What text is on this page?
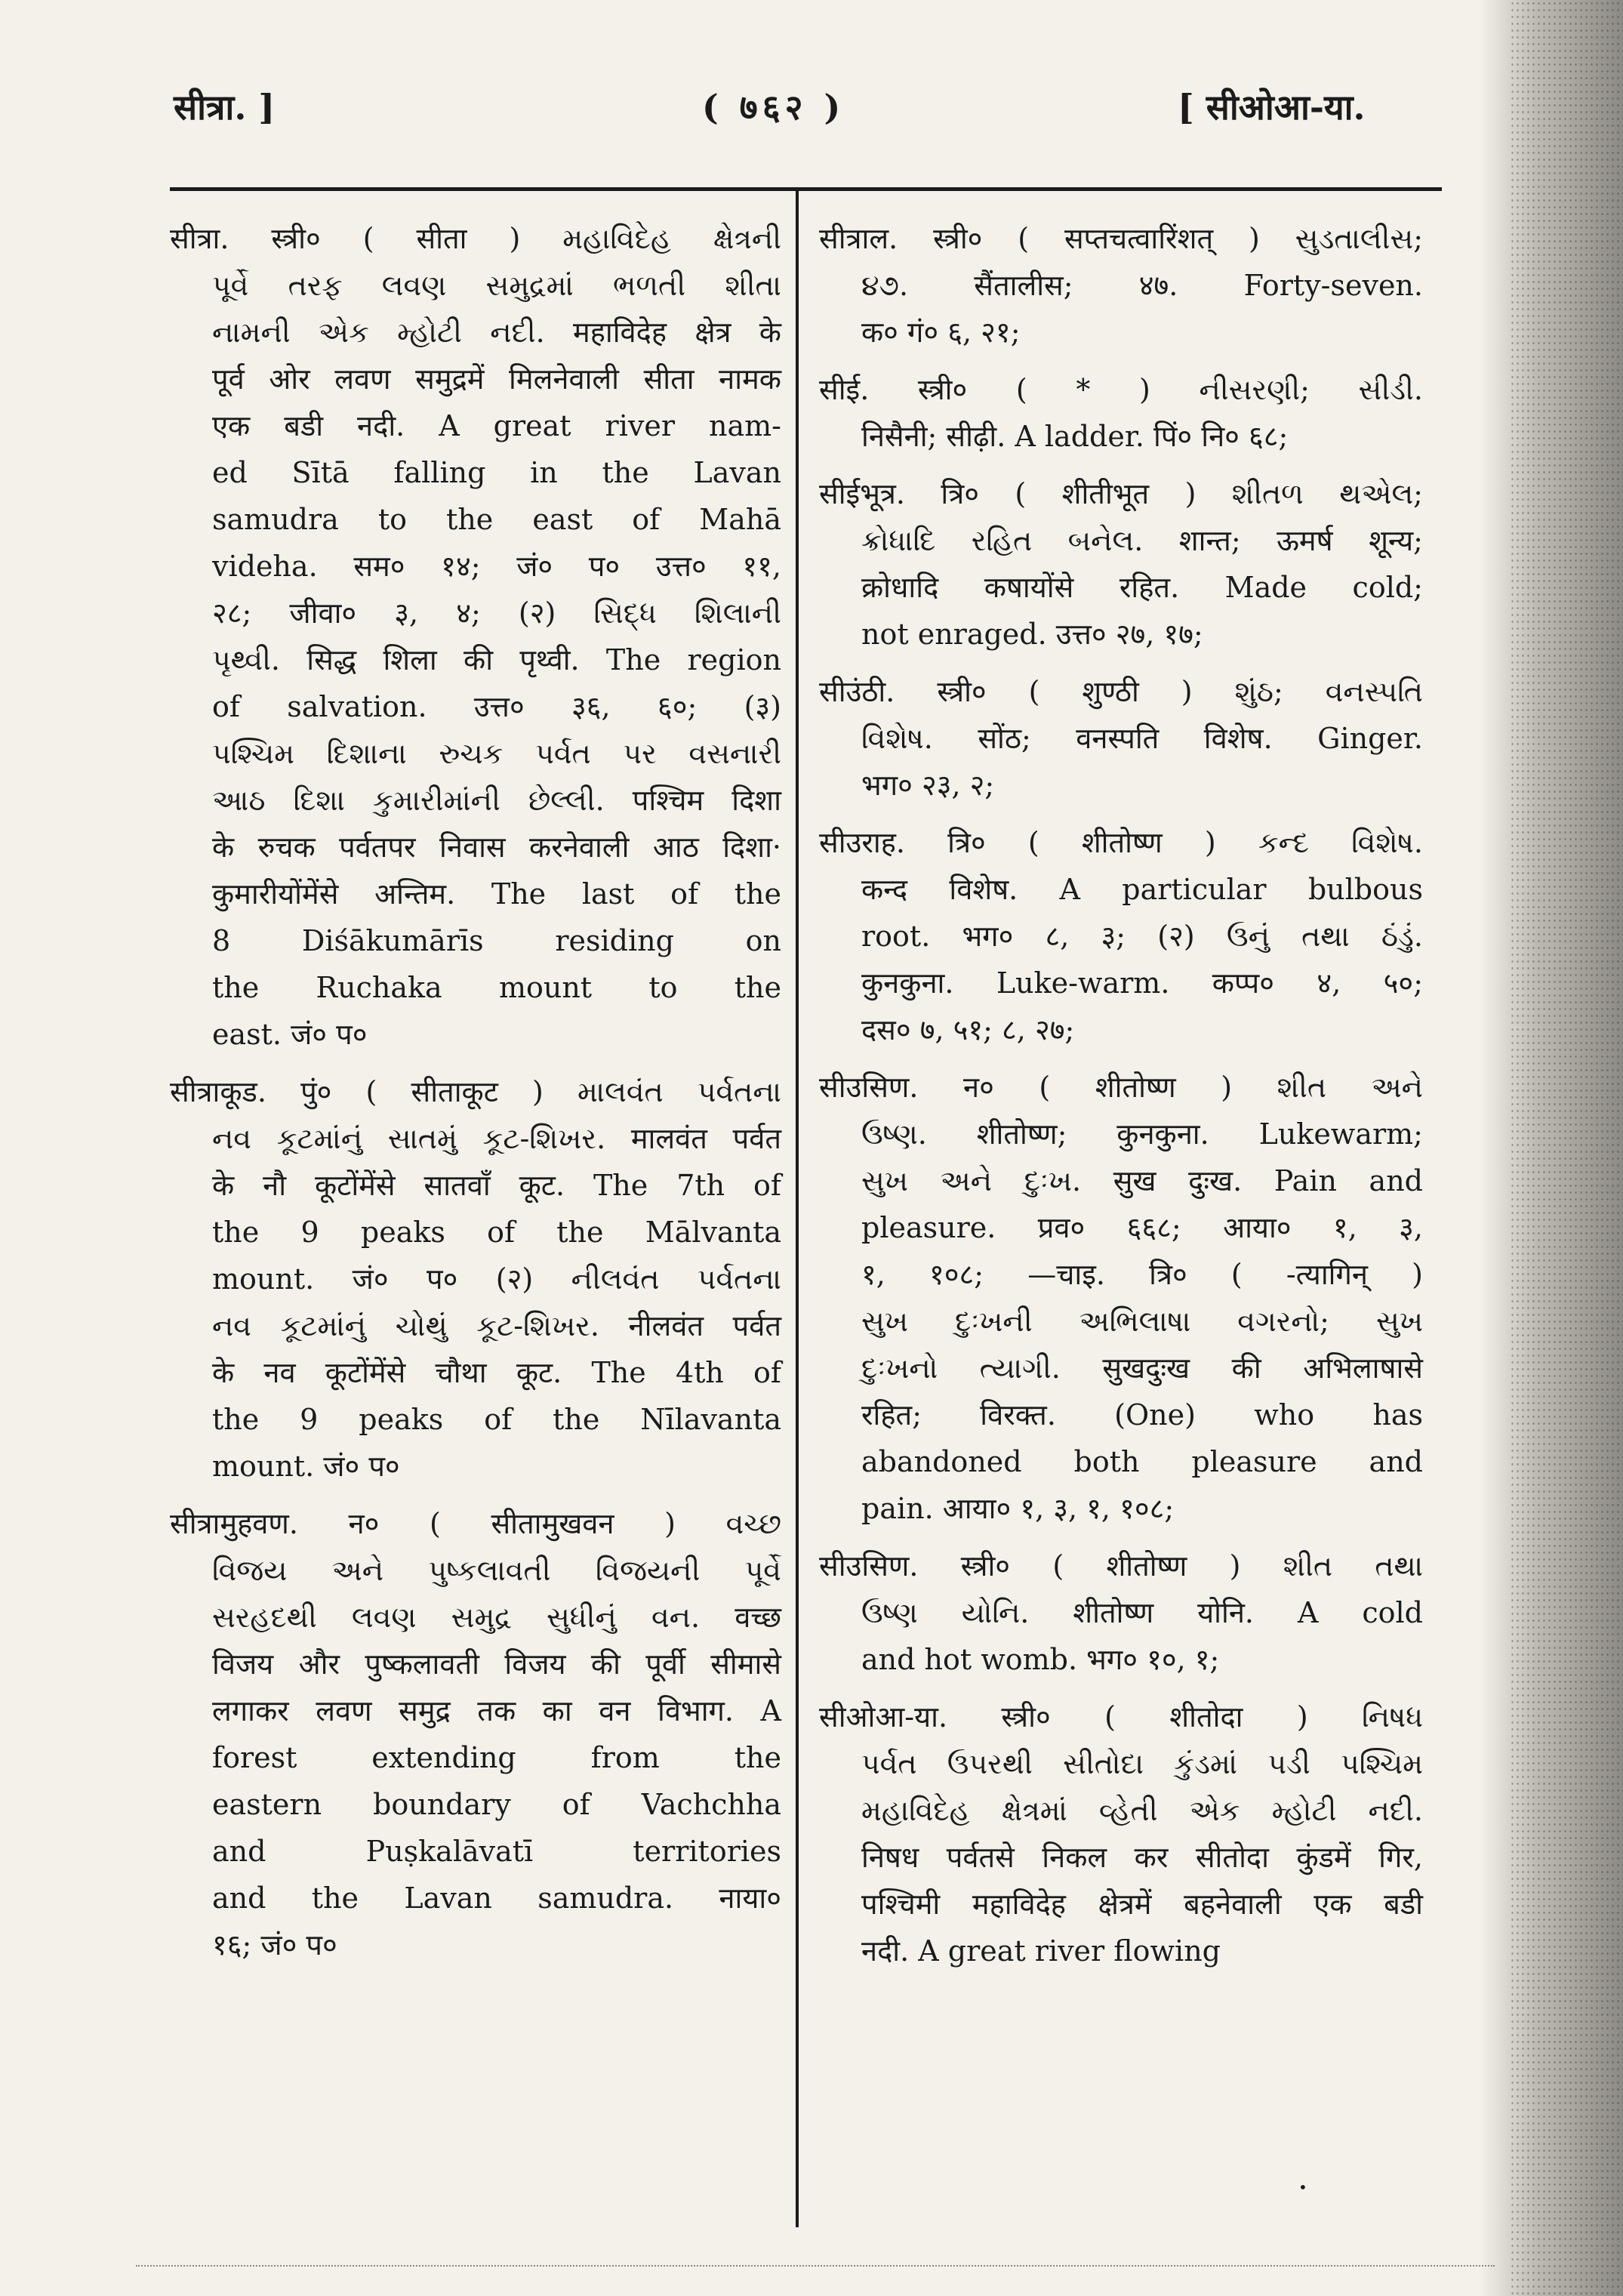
सीत्रा. ]	( ७६२ )	[ सीओआ-या.
सीत्रा. स्त्री० ( सीता ) મહાવિદેહ ક્ષેત્રની
પૂર્વે તરફ લવણ સમુદ્રમાં ભળતી શીતા
નામની એક મ્હોટી નદી. महाविदेह क्षेत्र के
पूर्व ओर लवण समुद्रमें मिलनेवाली सीता नामक
एक बडी नदी. A great river nam-
ed Sītā falling in the Lavan
samudra to the east of Mahā
videha. सम० १४; जं० प० उत्त० ११,
२८; जीवा० ३, ४; (२) સિદ્ધ શિલાની
પૃથ્વી. सिद्ध शिला की पृथ्वी. The region
of salvation. उत्त० ३६, ६०; (३)
પશ્ચિમ દિશાના રુચક પર્વત પર વસનારી
આઠ દિશા કુમારીમાંની છેલ્લી. पश्चिम दिशा
के रुचक पर्वतपर निवास करनेवाली आठ दिशा·
कुमारीयोंमेंसे अन्तिम. The last of the
8 Diśākumārīs residing on
the Ruchaka mount to the
east. जं० प०
सीत्राकूड. पुं० ( सीताकूट ) માલવંત પર્વતના
નવ કૂટમાંનું સાતમું કૂટ-શિખર. मालवंत पर्वत
के नौ कूटोंमेंसे सातवाँ कूट. The 7th of
the 9 peaks of the Mālvanta
mount. जं० प० (२) નીલવંત પર્વતના
નવ કૂટમાંનું ચોથું કૂટ-શિખર. नीलवंत पर्वत
के नव कूटोंमेंसे चौथा कूट. The 4th of
the 9 peaks of the Nīlavanta
mount. जं० प०
सीत्रामुहवण. न० ( सीतामुखवन ) વચ્છ
વિજય અને પુષ્કલાવતી વિજયની પૂર્વે
સરહદથી લવણ સમુદ્ર સુધીનું વન. वच्छ
विजय और पुष्कलावती विजय की पूर्वी सीमासे
लगाकर लवण समुद्र तक का वन विभाग. A
forest extending from the
eastern boundary of Vachchha
and Puṣkalāvatī territories
and the Lavan samudra. नाया०
१६; जं० प०
सीत्राल. स्त्री० ( सप्तचत्वारिंशत् ) સુડતાલીસ;
૪૭. सैंतालीस; ४७. Forty-seven.
क० गं० ६, २१;
सीई. स्त्री० ( * ) નીસરણી; સીડી.
निसैनी; सीढ़ी. A ladder. पिं० नि० ६८;
सीईभूत्र. त्रि० ( शीतीभूत ) શીતળ થએલ;
ક્રોધાદિ રહિત બનેલ. शान्त; ऊमर्ष शून्य;
क्रोधादि कषायोंसे रहित. Made cold;
not enraged. उत्त० २७, १७;
सीउंठी. स्त्री० ( शुण्ठी ) શુંઠ; વનસ્પતિ
વિશેષ. सोंठ; वनस्पति विशेष. Ginger.
भग० २३, २;
सीउराह. त्रि० ( शीतोष्ण ) કન્દ વિશેષ.
कन्द विशेष. A particular bulbous
root. भग० ८, ३; (२) ઉનું તથા ઠંડું.
कुनकुना. Luke-warm. कप्प० ४, ५०;
दस० ७, ५१; ८, २७;
सीउसिण. न० ( शीतोष्ण ) શીત અને
ઉષ્ણ. शीतोष्ण; कुनकुना. Lukewarm;
સુખ અને દુઃખ. सुख दुःख. Pain and
pleasure. प्रव० ६६८; आया० १, ३,
१, १०८; —चाइ. त्रि० ( -त्यागिन् )
સુખ દુઃખની અભિલાષા વગરનો; સુખ
દુઃખનો ત્યાગી. सुखदुःख की अभिलाषासे
रहित; विरक्त. (One) who has
abandoned both pleasure and
pain. आया० १, ३, १, १०८;
सीउसिण. स्त्री० ( शीतोष्ण ) શીત તથા
ઉષ્ણ યોનિ. शीतोष्ण योनि. A cold
and hot womb. भग० १०, १;
सीओआ-या. स्त्री० ( शीतोदा ) નિષધ
પર્વત ઉપરથી સીતોદા કુંડમાં પડી પશ્ચિમ
મહાવિદેહ ક્ષેત્રમાં વ્હેતી એક મ્હોટી નદી.
निषध पर्वतसे निकल कर सीतोदा कुंडमें गिर,
पश्चिमी महाविदेह क्षेत्रमें बहनेवाली एक बडी
नदी. A great river flowing
•
